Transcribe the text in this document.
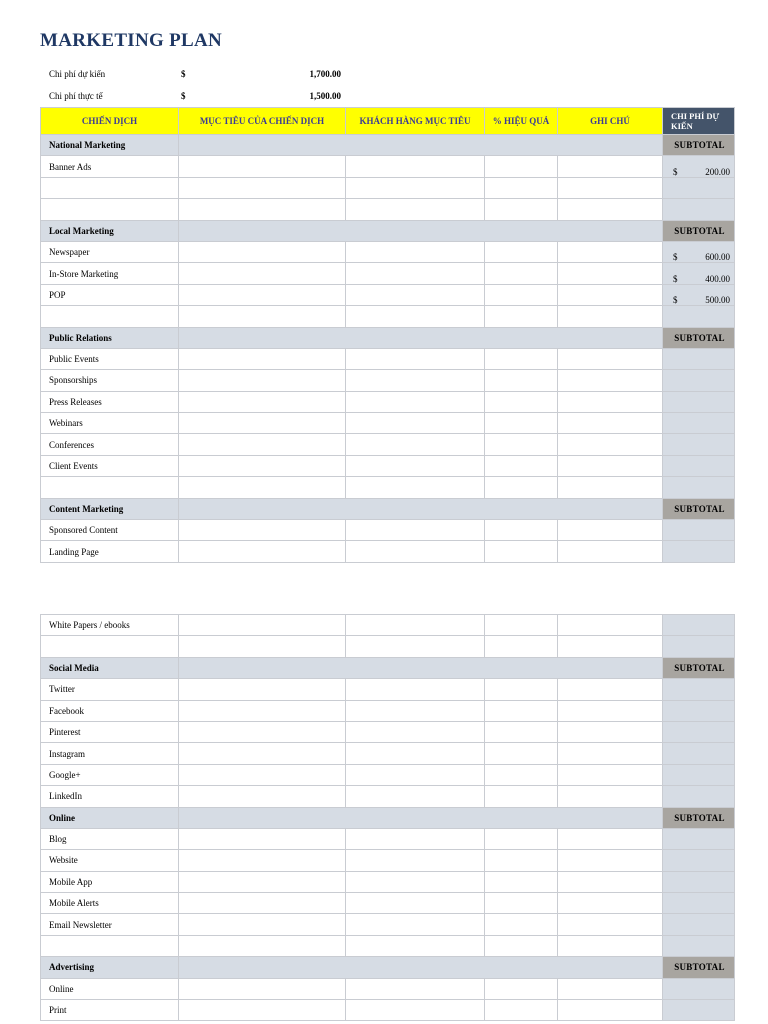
MARKETING PLAN
Chi phí dự kiến	$	1,700.00
Chi phí thực tế	$	1,500.00
CHIẾN DỊCH	MỤC TIÊU CỦA CHIẾN DỊCH	KHÁCH HÀNG MỤC TIÊU	% HIỆU QUẢ	GHI CHÚ	CHI PHÍ DỰ KIẾN
National Marketing					SUBTOTAL
Banner Ads					$ 200.00

Local Marketing					SUBTOTAL
Newspaper					$ 600.00

In-Store Marketing					$ 400.00

POP					$ 500.00

Public Relations					SUBTOTAL
Public Events					
Sponsorships					
Press Releases					
Webinars					
Conferences					
Client Events					

Content Marketing					SUBTOTAL
Sponsored Content					
Landing Page					
White Papers / ebooks					

Social Media					SUBTOTAL
Twitter					
Facebook					
Pinterest					
Instagram					
Google+					
LinkedIn					
Online					SUBTOTAL
Blog					
Website					
Mobile App					
Mobile Alerts					
Email Newsletter					

Advertising					SUBTOTAL
Online					
Print					
